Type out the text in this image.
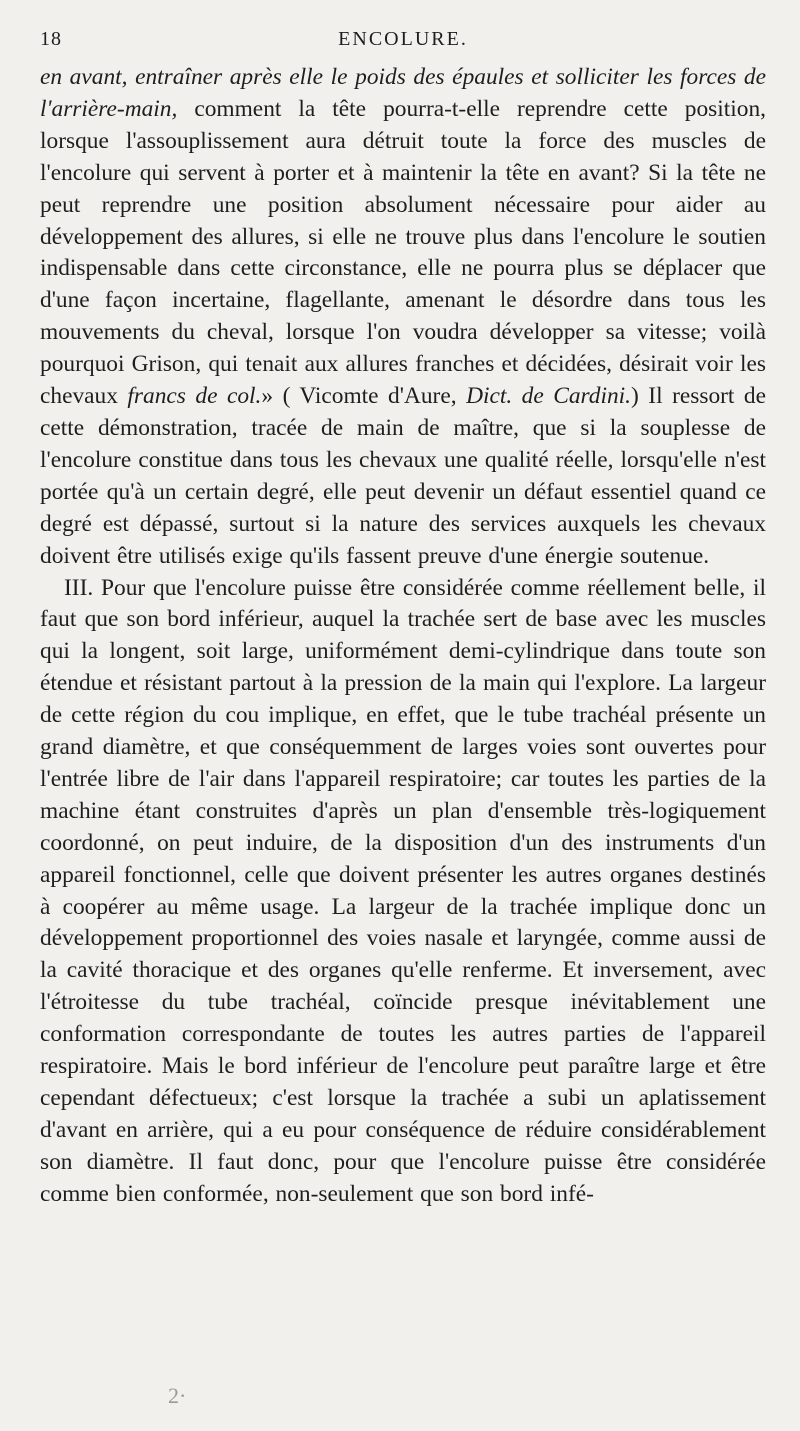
18	ENCOLURE.

en avant, entraîner après elle le poids des épaules et solliciter les forces de l'arrière-main, comment la tête pourra-t-elle reprendre cette position, lorsque l'assouplissement aura détruit toute la force des muscles de l'encolure qui servent à porter et à maintenir la tête en avant? Si la tête ne peut reprendre une position absolument nécessaire pour aider au développement des allures, si elle ne trouve plus dans l'encolure le soutien indispensable dans cette circonstance, elle ne pourra plus se déplacer que d'une façon incertaine, flagellante, amenant le désordre dans tous les mouvements du cheval, lorsque l'on voudra développer sa vitesse; voilà pourquoi Grison, qui tenait aux allures franches et décidées, désirait voir les chevaux francs de col.» ( Vicomte d'Aure, Dict. de Cardini.) Il ressort de cette démonstration, tracée de main de maître, que si la souplesse de l'encolure constitue dans tous les chevaux une qualité réelle, lorsqu'elle n'est portée qu'à un certain degré, elle peut devenir un défaut essentiel quand ce degré est dépassé, surtout si la nature des services auxquels les chevaux doivent être utilisés exige qu'ils fassent preuve d'une énergie soutenue.

III. Pour que l'encolure puisse être considérée comme réellement belle, il faut que son bord inférieur, auquel la trachée sert de base avec les muscles qui la longent, soit large, uniformément demi-cylindrique dans toute son étendue et résistant partout à la pression de la main qui l'explore. La largeur de cette région du cou implique, en effet, que le tube trachéal présente un grand diamètre, et que conséquemment de larges voies sont ouvertes pour l'entrée libre de l'air dans l'appareil respiratoire; car toutes les parties de la machine étant construites d'après un plan d'ensemble très-logiquement coordonné, on peut induire, de la disposition d'un des instruments d'un appareil fonctionnel, celle que doivent présenter les autres organes destinés à coopérer au même usage. La largeur de la trachée implique donc un développement proportionnel des voies nasale et laryngée, comme aussi de la cavité thoracique et des organes qu'elle renferme. Et inversement, avec l'étroitesse du tube trachéal, coïncide presque inévitablement une conformation correspondante de toutes les autres parties de l'appareil respiratoire. Mais le bord inférieur de l'encolure peut paraître large et être cependant défectueux; c'est lorsque la trachée a subi un aplatissement d'avant en arrière, qui a eu pour conséquence de réduire considérablement son diamètre. Il faut donc, pour que l'encolure puisse être considérée comme bien conformée, non-seulement que son bord infé-

2·
